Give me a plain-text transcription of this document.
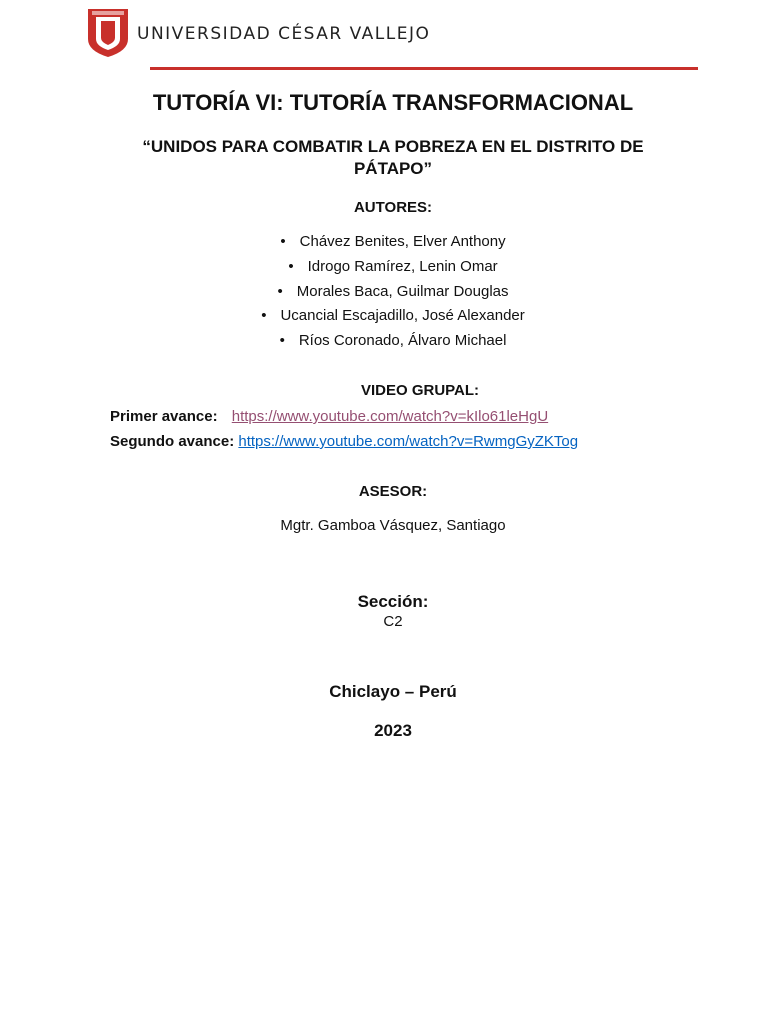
UNIVERSIDAD CÉSAR VALLEJO
TUTORÍA VI: TUTORÍA TRANSFORMACIONAL
“UNIDOS PARA COMBATIR LA POBREZA EN EL DISTRITO DE
PÁTAPO”
AUTORES:
• Chávez Benites, Elver Anthony
• Idrogo Ramírez, Lenin Omar
• Morales Baca, Guilmar Douglas
• Ucancial Escajadillo, José Alexander
• Ríos Coronado, Álvaro Michael
VIDEO GRUPAL:
Primer avance: https://www.youtube.com/watch?v=kIlo61leHgU
Segundo avance: https://www.youtube.com/watch?v=RwmgGyZKTog
ASESOR:
Mgtr. Gamboa Vásquez, Santiago
Sección:
C2
Chiclayo – Perú
2023
